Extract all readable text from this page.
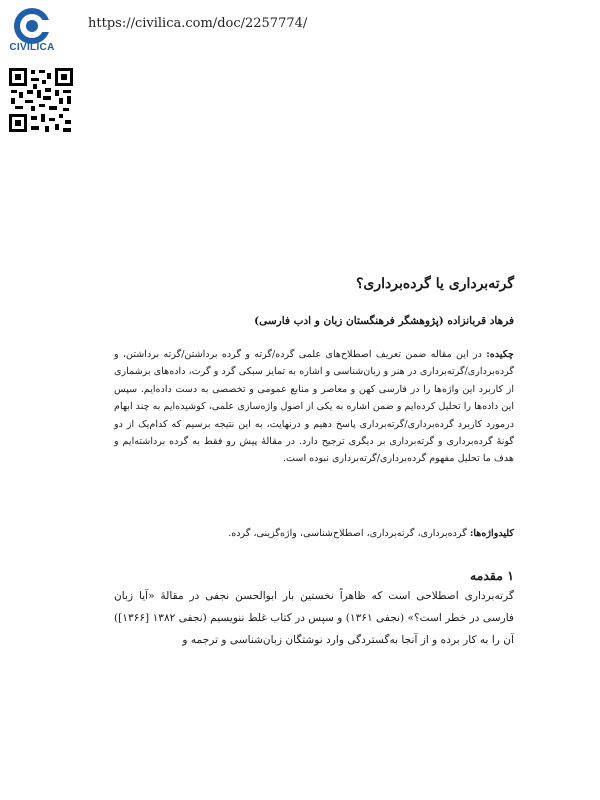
CIVILICA
https://civilica.com/doc/2257774/
گرته‌برداری یا گرده‌برداری؟
فرهاد قربانزاده (پژوهشگر فرهنگستان زبان و ادب فارسی)
چکیده: در این مقاله ضمن تعریف اصطلاح‌های علمی گرده/گرته و گرده برداشتن/گرته برداشتن، و گرده‌برداری/گرته‌برداری در هنر و زبان‌شناسی و اشاره به تمایز سبکی گرد و گرت، داده‌های برشماری از کاربرد این واژه‌ها را در فارسی کهن و معاصر و منابع عمومی و تخصصی به دست داده‌ایم. سپس این داده‌ها را تحلیل کرده‌ایم و ضمن اشاره به یکی از اصول واژه‌سازی علمی، کوشیده‌ایم به چند ابهام درمورد کاربرد گرده‌برداری/گرته‌برداری پاسخ دهیم و درنهایت، به این نتیجه برسیم که کدام‌یک از دو گونهٔ گرده‌برداری و گرته‌برداری بر دیگری ترجیح دارد. در مقالهٔ پیش رو فقط به گرده برداشته‌ایم و هدف ما تحلیل مفهوم گرده‌برداری/گرته‌برداری نبوده است.
کلیدواژه‌ها: گرده‌برداری، گرته‌برداری، اصطلاح‌شناسی، واژه‌گزینی، گرده.
۱ مقدمه

گرته‌برداری اصطلاحی است که ظاهراً نخستین بار ابوالحسن نجفی در مقالهٔ «آیا زبان فارسی در خطر است؟» (نجفی ۱۳۶۱) و سپس در کتاب غلط ننویسیم (نجفی ۱۳۸۲ [۱۳۶۶]) آن را به کار برده و از آنجا به‌گستردگی وارد نوشتگان زبان‌شناسی و ترجمه و
